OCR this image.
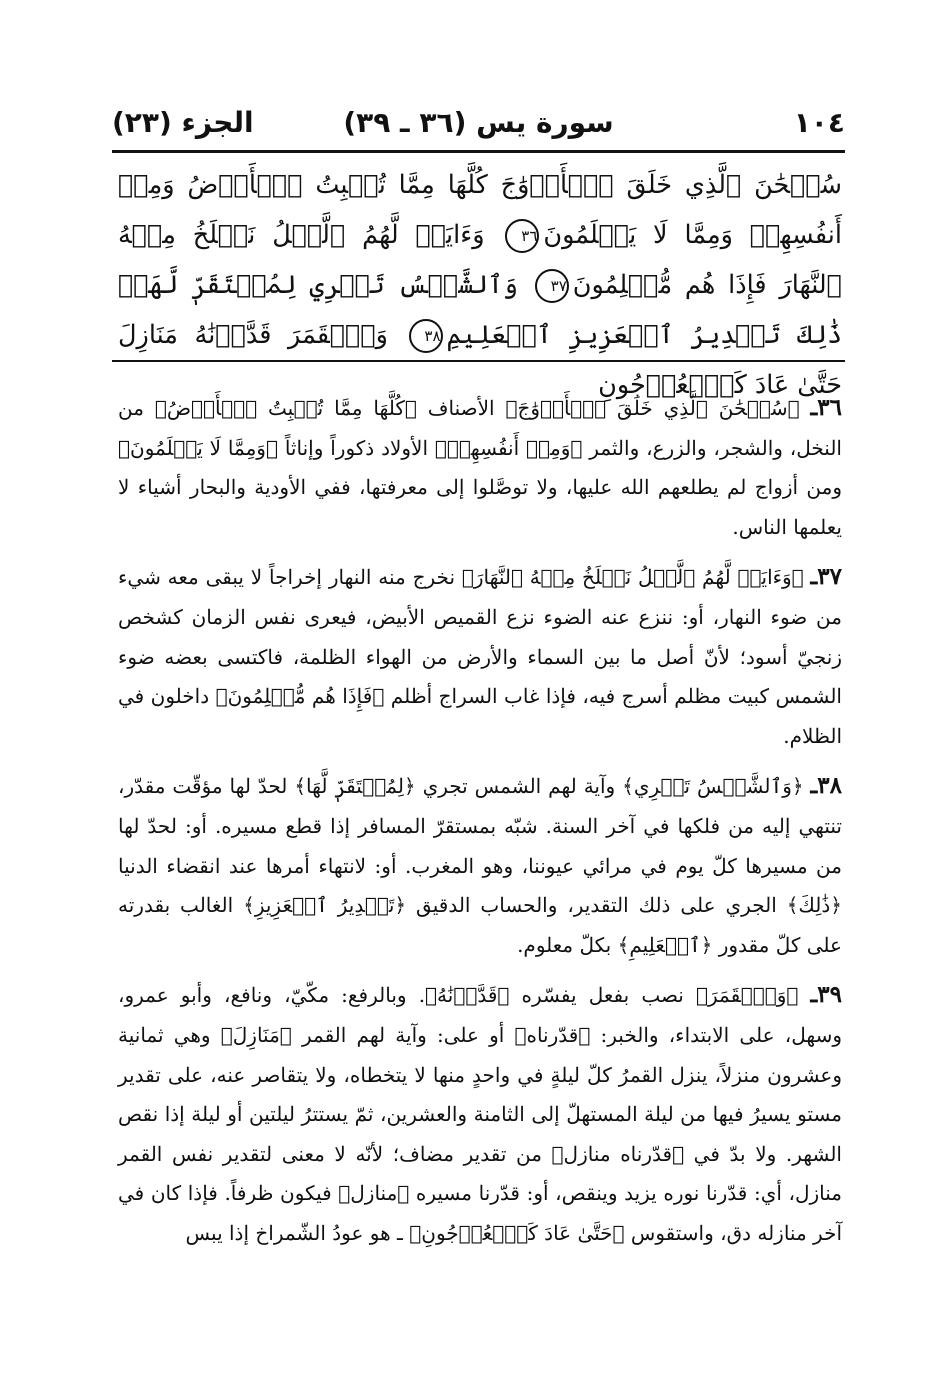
١٠٤
سورة يس (٣٦ ـ ٣٩)
الجزء (٢٣)
سُبۡحَٰنَ ٱلَّذِي خَلَقَ ٱلۡأَزۡوَٰجَ كُلَّهَا مِمَّا تُنۢبِتُ ٱلۡأَرۡضُ وَمِنۡ أَنفُسِهِمۡ وَمِمَّا لَا يَعۡلَمُونَ٣٦ وَءَايَةٞ لَّهُمُ ٱلَّيۡلُ نَسۡلَخُ مِنۡهُ ٱلنَّهَارَ فَإِذَا هُم مُّظۡلِمُونَ٣٧ وَٱلشَّمۡسُ تَجۡرِي لِمُسۡتَقَرّٖ لَّهَاۚ ذَٰلِكَ تَقۡدِيرُ ٱلۡعَزِيزِ ٱلۡعَلِيمِ٣٨ وَٱلۡقَمَرَ قَدَّرۡنَٰهُ مَنَازِلَ حَتَّىٰ عَادَ كَٱلۡعُرۡجُونِ

٣٦ـ ﴿سُبۡحَٰنَ ٱلَّذِي خَلَقَ ٱلۡأَزۡوَٰجَ﴾ الأصناف ﴿كُلَّهَا مِمَّا تُنۢبِتُ ٱلۡأَرۡضُ﴾ من النخل، والشجر، والزرع، والثمر ﴿وَمِنۡ أَنفُسِهِمۡ﴾ الأولاد ذكوراً وإناثاً ﴿وَمِمَّا لَا يَعۡلَمُونَ﴾ ومن أزواج لم يطلعهم الله عليها، ولا توصَّلوا إلى معرفتها، ففي الأودية والبحار أشياء لا يعلمها الناس.

٣٧ـ ﴿وَءَايَةٞ لَّهُمُ ٱلَّيۡلُ نَسۡلَخُ مِنۡهُ ٱلنَّهَارَ﴾ نخرج منه النهار إخراجاً لا يبقى معه شيء من ضوء النهار، أو: ننزع عنه الضوء نزع القميص الأبيض، فيعرى نفس الزمان كشخص زنجيّ أسود؛ لأنّ أصل ما بين السماء والأرض من الهواء الظلمة، فاكتسى بعضه ضوء الشمس كبيت مظلم أسرج فيه، فإذا غاب السراج أظلم ﴿فَإِذَا هُم مُّظۡلِمُونَ﴾ داخلون في الظلام.

٣٨ـ ﴿وَٱلشَّمۡسُ تَجۡرِي﴾ وآية لهم الشمس تجري ﴿لِمُسۡتَقَرّٖ لَّهَا﴾ لحدّ لها مؤقّت مقدّر، تنتهي إليه من فلكها في آخر السنة. شبّه بمستقرّ المسافر إذا قطع مسيره. أو: لحدّ لها من مسيرها كلّ يوم في مرائي عيوننا، وهو المغرب. أو: لانتهاء أمرها عند انقضاء الدنيا ﴿ذَٰلِكَ﴾ الجري على ذلك التقدير، والحساب الدقيق ﴿تَقۡدِيرُ ٱلۡعَزِيزِ﴾ الغالب بقدرته على كلّ مقدور ﴿ٱلۡعَلِيمِ﴾ بكلّ معلوم.

٣٩ـ ﴿وَٱلۡقَمَرَ﴾ نصب بفعل يفسّره ﴿قَدَّرۡنَٰهُ﴾. وبالرفع: مكّيّ، ونافع، وأبو عمرو، وسهل، على الابتداء، والخبر: ﴿قدّرناه﴾ أو على: وآية لهم القمر ﴿مَنَازِلَ﴾ وهي ثمانية وعشرون منزلاً، ينزل القمرُ كلّ ليلةٍ في واحدٍ منها لا يتخطاه، ولا يتقاصر عنه، على تقدير مستو يسيرُ فيها من ليلة المستهلّ إلى الثامنة والعشرين، ثمّ يستترُ ليلتين أو ليلة إذا نقص الشهر. ولا بدّ في ﴿قدّرناه منازل﴾ من تقدير مضاف؛ لأنّه لا معنى لتقدير نفس القمر منازل، أي: قدّرنا نوره يزيد وينقص، أو: قدّرنا مسيره ﴿منازل﴾ فيكون ظرفاً. فإذا كان في آخر منازله دق، واستقوس ﴿حَتَّىٰ عَادَ كَٱلۡعُرۡجُونِ﴾ ـ هو عودُ الشّمراخ إذا يبس
